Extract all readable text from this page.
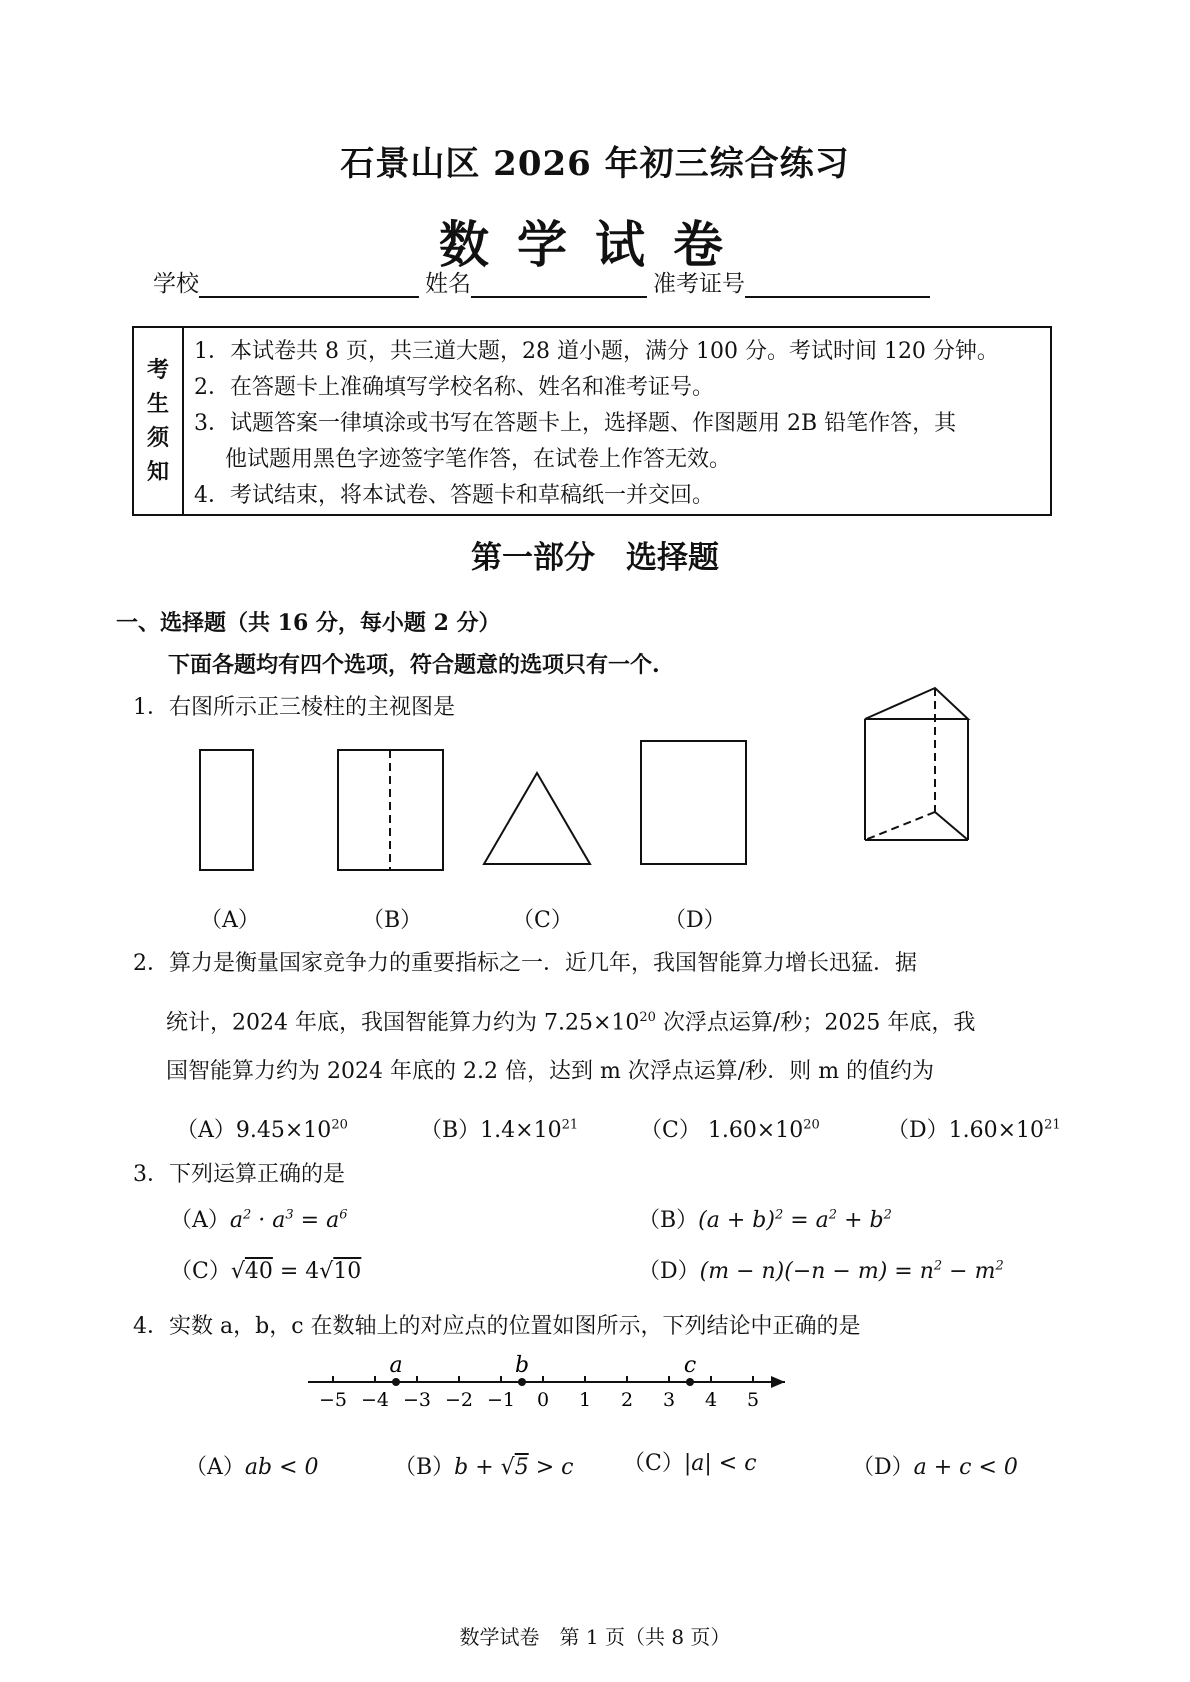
石景山区 2026 年初三综合练习
数学试卷
学校	姓名	准考证号
考
生
须
知
1．本试卷共 8 页，共三道大题，28 道小题，满分 100 分。考试时间 120 分钟。
2．在答题卡上准确填写学校名称、姓名和准考证号。
3．试题答案一律填涂或书写在答题卡上，选择题、作图题用 2B 铅笔作答，其
他试题用黑色字迹签字笔作答，在试卷上作答无效。
4．考试结束，将本试卷、答题卡和草稿纸一并交回。
第一部分　选择题
一、选择题（共 16 分，每小题 2 分）
下面各题均有四个选项，符合题意的选项只有一个.
1．右图所示正三棱柱的主视图是
（A）	（B）	（C）	（D）
2．算力是衡量国家竞争力的重要指标之一．近几年，我国智能算力增长迅猛．据
统计，2024 年底，我国智能算力约为 $7.25\times 10^{20}$ 次浮点运算/秒；2025 年底，我
国智能算力约为 2024 年底的 2.2 倍，达到 m 次浮点运算/秒．则 m 的值约为
$(A)9.45\times 10^{20}$	$(B)1.4\times 10^{21}$	（C） $1.60\times 10^{20}$	$(D)1.60\times 10^{21}$
3．下列运算正确的是
$(A)a^2 \cdot a^3 = a^6$	$(B)(a + b)^2 = a^2 + b^2$
（C）√40 = 4√10	$(D)(m - n)(-n - m) = n^2 - m^2$
4．实数 a，b，c 在数轴上的对应点的位置如图所示，下列结论中正确的是
−5 −4 −3 −2 −1 0 1 2 3 4 5
a	b	c
（A）ab < 0	（B）b + √5 > c （C）|a| < c	（D）a + c < 0
数学试卷　第 1 页（共 8 页）
